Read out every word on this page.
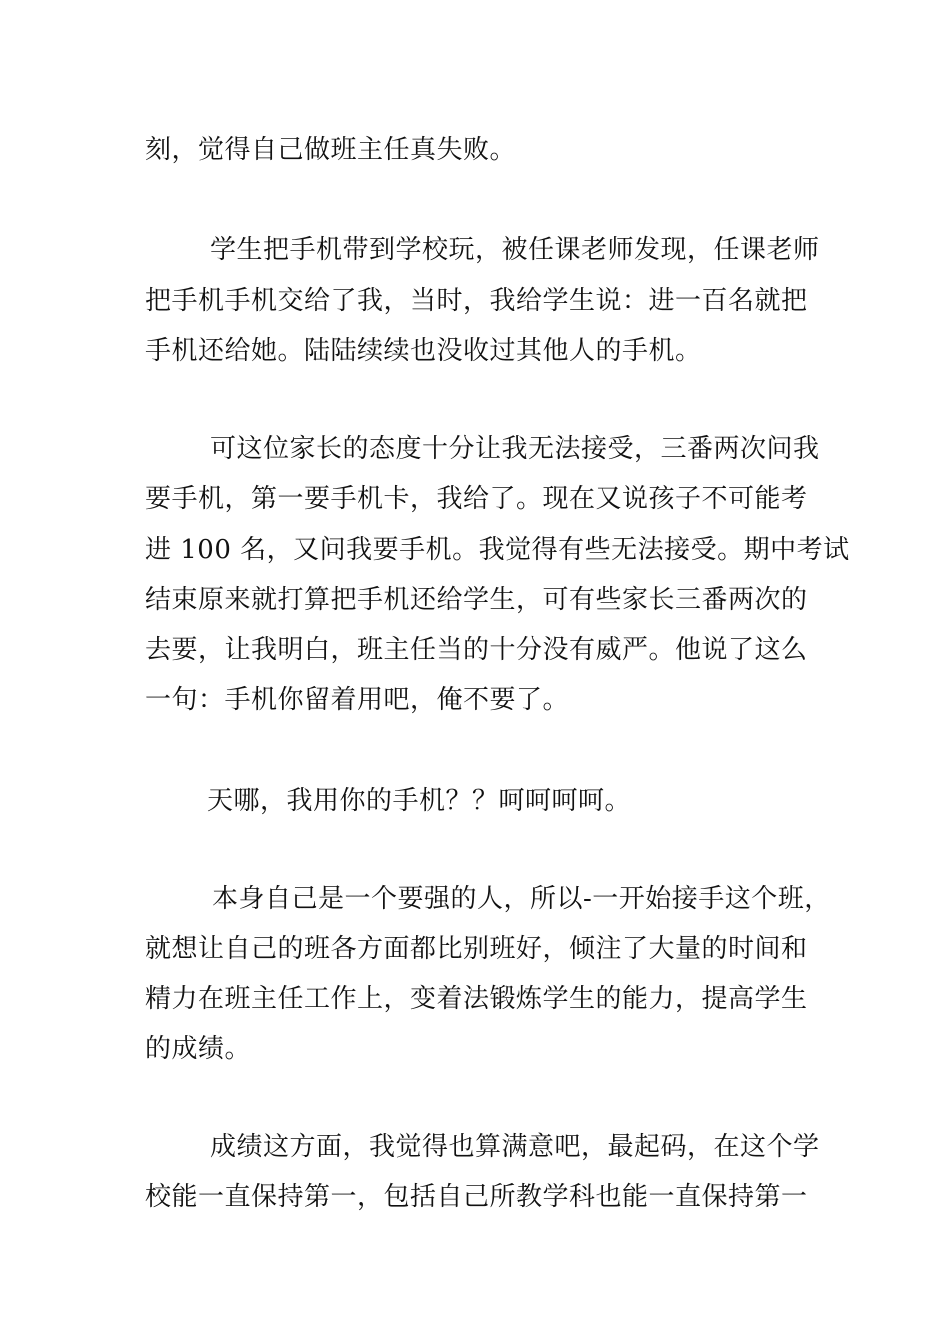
刻，觉得自己做班主任真失败。
学生把手机带到学校玩，被任课老师发现，任课老师
把手机手机交给了我，当时，我给学生说：进一百名就把
手机还给她。陆陆续续也没收过其他人的手机。
可这位家长的态度十分让我无法接受，三番两次问我
要手机，第一要手机卡，我给了。现在又说孩子不可能考
进 100 名，又问我要手机。我觉得有些无法接受。期中考试
结束原来就打算把手机还给学生，可有些家长三番两次的
去要，让我明白，班主任当的十分没有威严。他说了这么
一句：手机你留着用吧，俺不要了。
天哪，我用你的手机？？呵呵呵呵。
本身自己是一个要强的人，所以-一开始接手这个班，
就想让自己的班各方面都比别班好，倾注了大量的时间和
精力在班主任工作上，变着法锻炼学生的能力，提高学生
的成绩。
成绩这方面，我觉得也算满意吧，最起码，在这个学
校能一直保持第一，包括自己所教学科也能一直保持第一
